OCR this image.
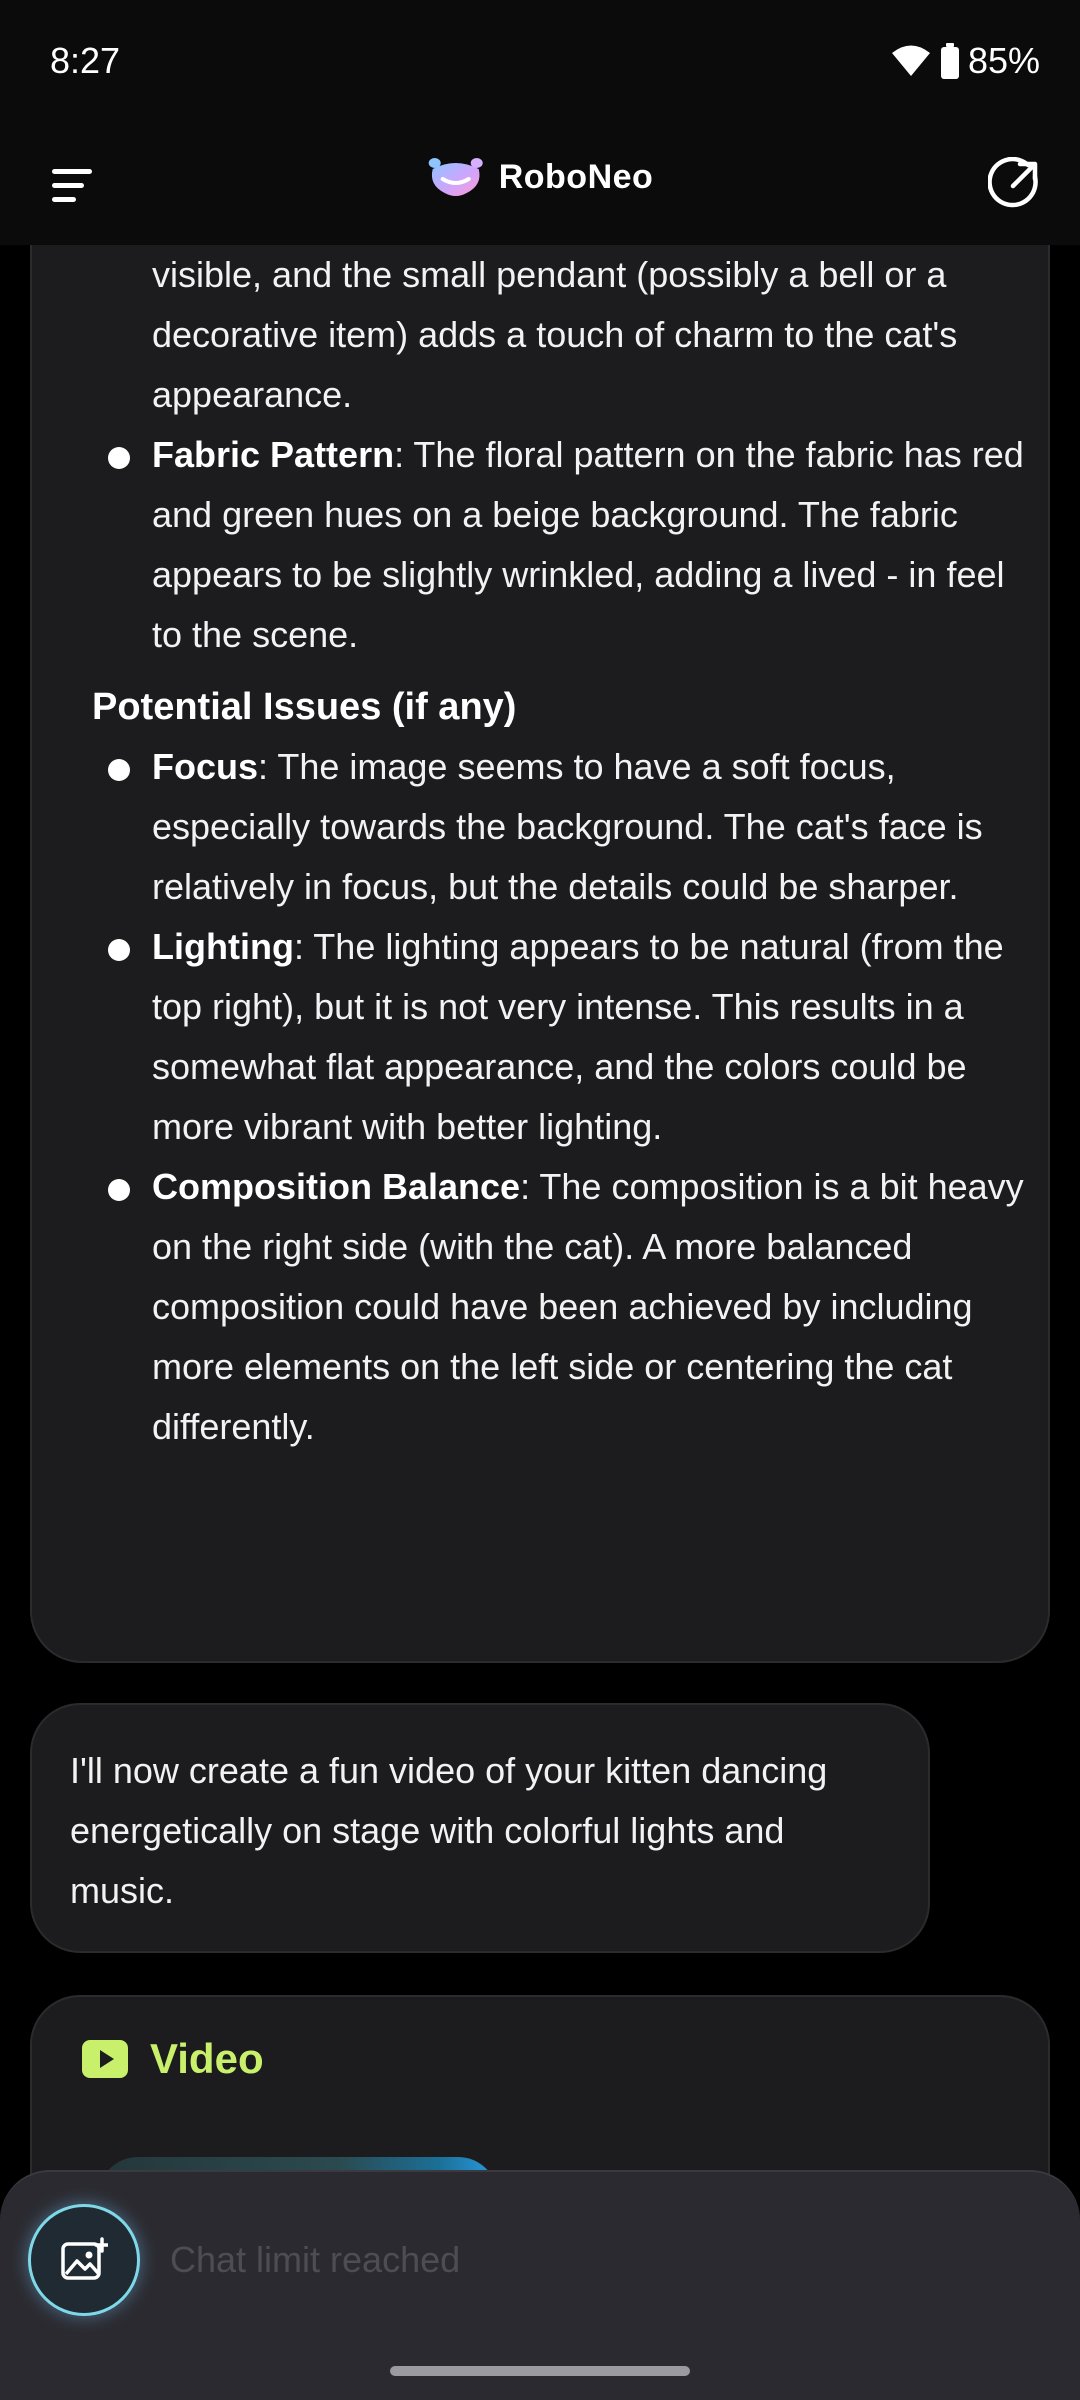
8:27	85%
RoboNeo
visible, and the small pendant (possibly a bell or a decorative item) adds a touch of charm to the cat's appearance.
Fabric Pattern: The floral pattern on the fabric has red and green hues on a beige background. The fabric appears to be slightly wrinkled, adding a lived - in feel to the scene.
Potential Issues (if any)
Focus: The image seems to have a soft focus, especially towards the background. The cat's face is relatively in focus, but the details could be sharper.
Lighting: The lighting appears to be natural (from the top right), but it is not very intense. This results in a somewhat flat appearance, and the colors could be more vibrant with better lighting.
Composition Balance: The composition is a bit heavy on the right side (with the cat). A more balanced composition could have been achieved by including more elements on the left side or centering the cat differently.
I'll now create a fun video of your kitten dancing energetically on stage with colorful lights and music.
Video
Chat limit reached
